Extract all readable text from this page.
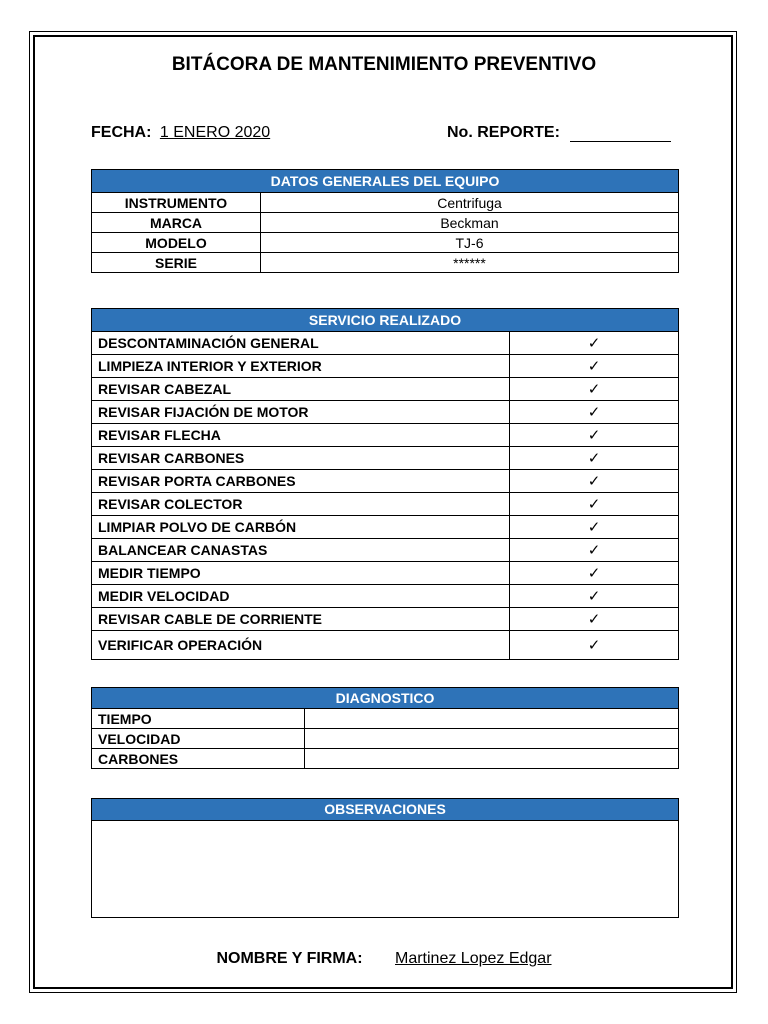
BITÁCORA DE MANTENIMIENTO PREVENTIVO
FECHA: 1 ENERO 2020	No. REPORTE:
DATOS GENERALES DEL EQUIPO	
INSTRUMENTO	Centrifuga
MARCA	Beckman
MODELO	TJ-6
SERIE	******
SERVICIO REALIZADO	
DESCONTAMINACIÓN GENERAL	✓
LIMPIEZA INTERIOR Y EXTERIOR	✓
REVISAR CABEZAL	✓
REVISAR FIJACIÓN DE MOTOR	✓
REVISAR FLECHA	✓
REVISAR CARBONES	✓
REVISAR PORTA CARBONES	✓
REVISAR COLECTOR	✓
LIMPIAR POLVO DE CARBÓN	✓
BALANCEAR CANASTAS	✓
MEDIR TIEMPO	✓
MEDIR VELOCIDAD	✓
REVISAR CABLE DE CORRIENTE	✓
VERIFICAR OPERACIÓN	✓
DIAGNOSTICO	
TIEMPO	
VELOCIDAD	
CARBONES	
OBSERVACIONES
NOMBRE Y FIRMA: Martinez Lopez Edgar
